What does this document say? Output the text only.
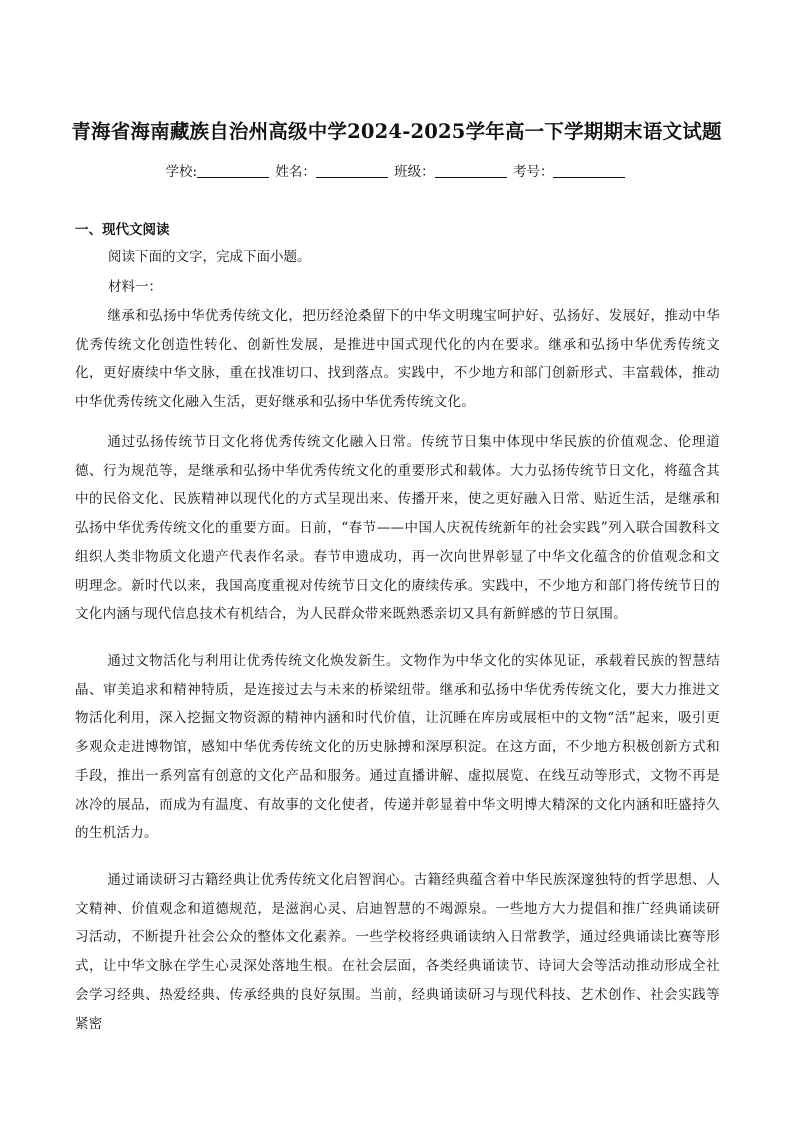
青海省海南藏族自治州高级中学2024-2025学年高一下学期期末语文试题
学校:	姓名：	班级：	考号：
一、现代文阅读
阅读下面的文字，完成下面小题。
材料一：
继承和弘扬中华优秀传统文化，把历经沧桑留下的中华文明瑰宝呵护好、弘扬好、发展好，推动中华优秀传统文化创造性转化、创新性发展，是推进中国式现代化的内在要求。继承和弘扬中华优秀传统文化，更好赓续中华文脉，重在找准切口、找到落点。实践中，不少地方和部门创新形式、丰富载体，推动中华优秀传统文化融入生活，更好继承和弘扬中华优秀传统文化。
通过弘扬传统节日文化将优秀传统文化融入日常。传统节日集中体现中华民族的价值观念、伦理道德、行为规范等，是继承和弘扬中华优秀传统文化的重要形式和载体。大力弘扬传统节日文化，将蕴含其中的民俗文化、民族精神以现代化的方式呈现出来、传播开来，使之更好融入日常、贴近生活，是继承和弘扬中华优秀传统文化的重要方面。日前，“春节——中国人庆祝传统新年的社会实践”列入联合国教科文组织人类非物质文化遗产代表作名录。春节申遗成功，再一次向世界彰显了中华文化蕴含的价值观念和文明理念。新时代以来，我国高度重视对传统节日文化的赓续传承。实践中，不少地方和部门将传统节日的文化内涵与现代信息技术有机结合，为人民群众带来既熟悉亲切又具有新鲜感的节日氛围。
通过文物活化与利用让优秀传统文化焕发新生。文物作为中华文化的实体见证，承载着民族的智慧结晶、审美追求和精神特质，是连接过去与未来的桥梁纽带。继承和弘扬中华优秀传统文化，要大力推进文物活化利用，深入挖掘文物资源的精神内涵和时代价值，让沉睡在库房或展柜中的文物“活”起来，吸引更多观众走进博物馆，感知中华优秀传统文化的历史脉搏和深厚积淀。在这方面，不少地方积极创新方式和手段，推出一系列富有创意的文化产品和服务。通过直播讲解、虚拟展览、在线互动等形式，文物不再是冰冷的展品，而成为有温度、有故事的文化使者，传递并彰显着中华文明博大精深的文化内涵和旺盛持久的生机活力。
通过诵读研习古籍经典让优秀传统文化启智润心。古籍经典蕴含着中华民族深邃独特的哲学思想、人文精神、价值观念和道德规范，是滋润心灵、启迪智慧的不竭源泉。一些地方大力提倡和推广经典诵读研习活动，不断提升社会公众的整体文化素养。一些学校将经典诵读纳入日常教学，通过经典诵读比赛等形式，让中华文脉在学生心灵深处落地生根。在社会层面，各类经典诵读节、诗词大会等活动推动形成全社会学习经典、热爱经典、传承经典的良好氛围。当前，经典诵读研习与现代科技、艺术创作、社会实践等紧密
